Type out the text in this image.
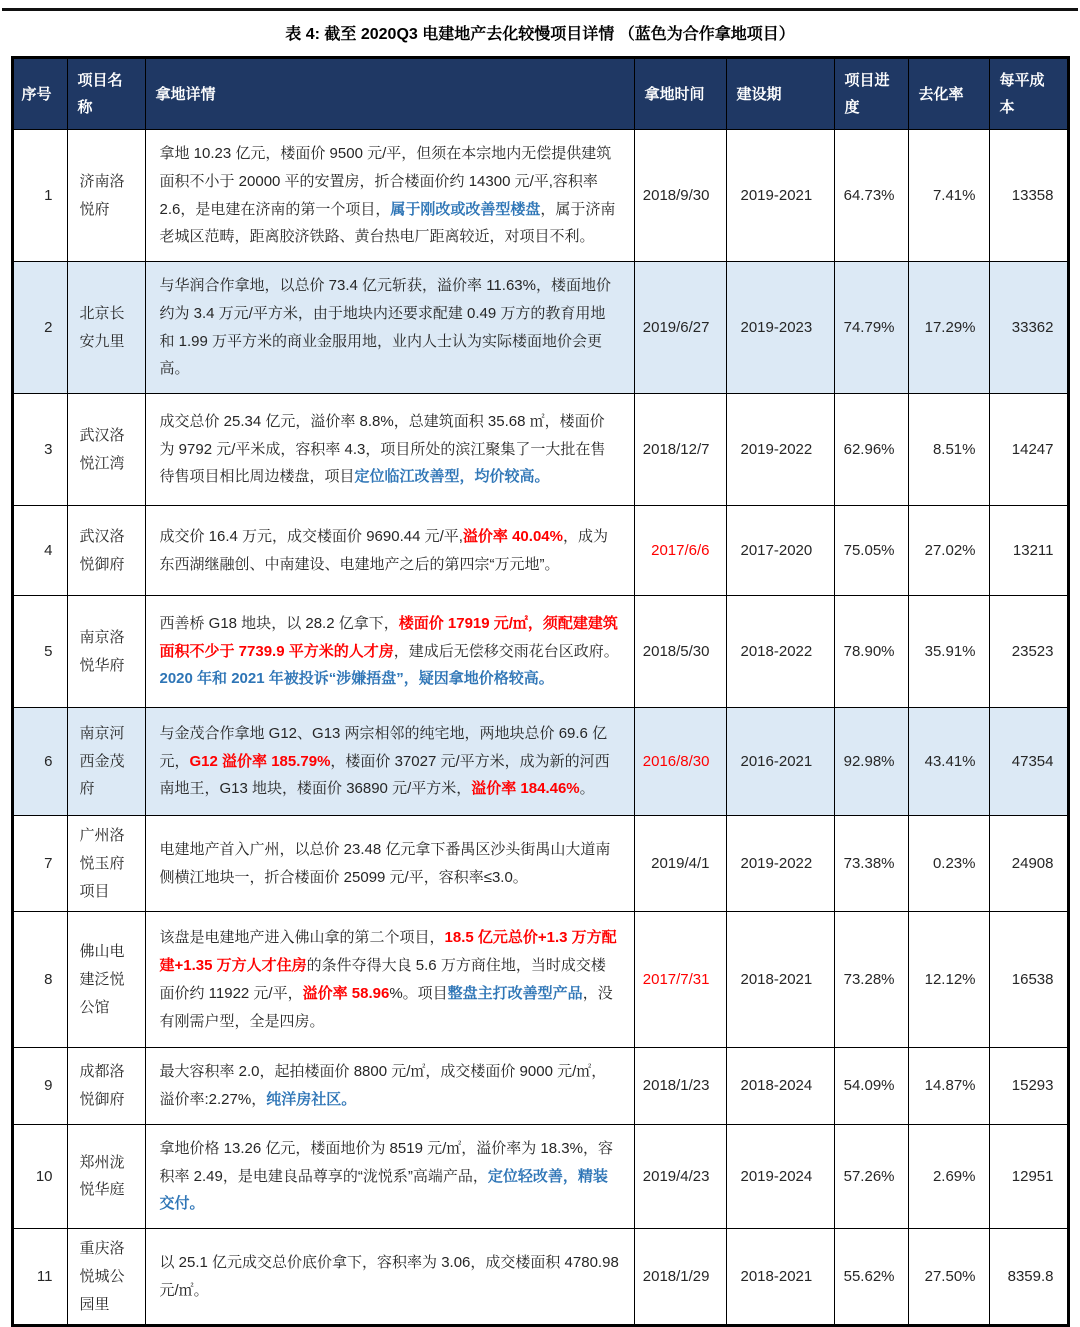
表 4: 截至 2020Q3 电建地产去化较慢项目详情 （蓝色为合作拿地项目）
序号	项目名称	拿地详情	拿地时间	建设期	项目进度	去化率	每平成本
1	济南洛悦府	拿地 10.23 亿元，楼面价 9500 元/平，但须在本宗地内无偿提供建筑面积不小于 20000 平的安置房，折合楼面价约 14300 元/平,容积率 2.6，是电建在济南的第一个项目，属于刚改或改善型楼盘，属于济南老城区范畴，距离胶济铁路、黄台热电厂距离较近，对项目不利。	2018/9/30	2019-2021	64.73%	7.41%	13358
2	北京长安九里	与华润合作拿地，以总价 73.4 亿元斩获，溢价率 11.63%，楼面地价约为 3.4 万元/平方米，由于地块内还要求配建 0.49 万方的教育用地和 1.99 万平方米的商业金服用地，业内人士认为实际楼面地价会更高。	2019/6/27	2019-2023	74.79%	17.29%	33362
3	武汉洛悦江湾	成交总价 25.34 亿元，溢价率 8.8%，总建筑面积 35.68 ㎡，楼面价为 9792 元/平米成，容积率 4.3，项目所处的滨江聚集了一大批在售待售项目相比周边楼盘，项目定位临江改善型，均价较高。	2018/12/7	2019-2022	62.96%	8.51%	14247
4	武汉洛悦御府	成交价 16.4 万元，成交楼面价 9690.44 元/平,溢价率 40.04%，成为东西湖继融创、中南建设、电建地产之后的第四宗“万元地”。	2017/6/6	2017-2020	75.05%	27.02%	13211
5	南京洛悦华府	西善桥 G18 地块，以 28.2 亿拿下，楼面价 17919 元/㎡，须配建建筑面积不少于 7739.9 平方米的人才房，建成后无偿移交雨花台区政府。2020 年和 2021 年被投诉“涉嫌捂盘”，疑因拿地价格较高。	2018/5/30	2018-2022	78.90%	35.91%	23523
6	南京河西金茂府	与金茂合作拿地 G12、G13 两宗相邻的纯宅地，两地块总价 69.6 亿元，G12 溢价率 185.79%，楼面价 37027 元/平方米，成为新的河西南地王，G13 地块，楼面价 36890 元/平方米，溢价率 184.46%。	2016/8/30	2016-2021	92.98%	43.41%	47354
7	广州洛悦玉府项目	电建地产首入广州，以总价 23.48 亿元拿下番禺区沙头街禺山大道南侧横江地块一，折合楼面价 25099 元/平，容积率≤3.0。	2019/4/1	2019-2022	73.38%	0.23%	24908
8	佛山电建泛悦公馆	该盘是电建地产进入佛山拿的第二个项目，18.5 亿元总价+1.3 万方配建+1.35 万方人才住房的条件夺得大良 5.6 万方商住地，当时成交楼面价约 11922 元/平，溢价率 58.96%。项目整盘主打改善型产品，没有刚需户型，全是四房。	2017/7/31	2018-2021	73.28%	12.12%	16538
9	成都洛悦御府	最大容积率 2.0，起拍楼面价 8800 元/㎡，成交楼面价 9000 元/㎡，溢价率:2.27%，纯洋房社区。	2018/1/23	2018-2024	54.09%	14.87%	15293
10	郑州泷悦华庭	拿地价格 13.26 亿元，楼面地价为 8519 元/㎡，溢价率为 18.3%，容积率 2.49，是电建良品尊享的“泷悦系”高端产品，定位轻改善，精装交付。	2019/4/23	2019-2024	57.26%	2.69%	12951
11	重庆洛悦城公园里	以 25.1 亿元成交总价底价拿下，容积率为 3.06，成交楼面积 4780.98 元/㎡。	2018/1/29	2018-2021	55.62%	27.50%	8359.8
